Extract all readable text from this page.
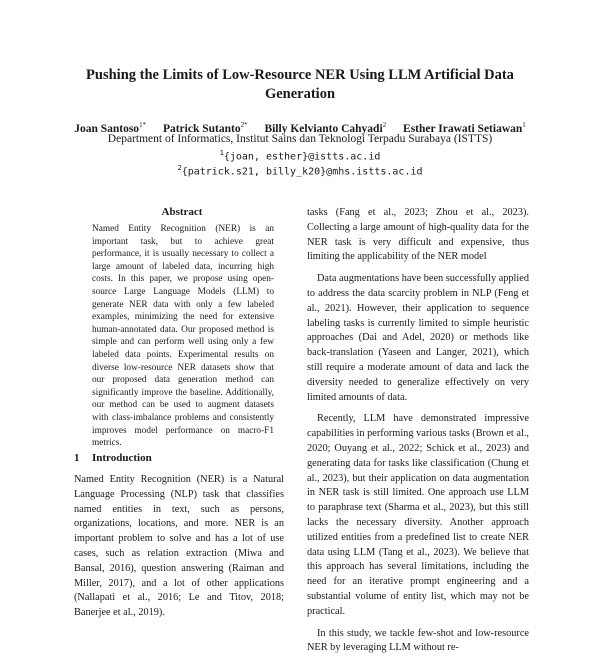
Pushing the Limits of Low-Resource NER Using LLM Artificial Data Generation
Joan Santoso$^{1*}$ Patrick Sutanto$^{2*}$ Billy Kelvianto Cahyadi$^2$ Esther Irawati Setiawan$^1$
Department of Informatics, Institut Sains dan Teknologi Terpadu Surabaya (ISTTS)
$^1${joan, esther}@istts.ac.id
$^2${patrick.s21, billy_k20}@mhs.istts.ac.id
Abstract
Named Entity Recognition (NER) is an important task, but to achieve great performance, it is usually necessary to collect a large amount of labeled data, incurring high costs. In this paper, we propose using open-source Large Language Models (LLM) to generate NER data with only a few labeled examples, minimizing the need for extensive human-annotated data. Our proposed method is simple and can perform well using only a few labeled data points. Experimental results on diverse low-resource NER datasets show that our proposed data generation method can significantly improve the baseline. Additionally, our method can be used to augment datasets with class-imbalance problems and consistently improves model performance on macro-F1 metrics.
1 Introduction
Named Entity Recognition (NER) is a Natural Language Processing (NLP) task that classifies named entities in text, such as persons, organizations, locations, and more. NER is an important problem to solve and has a lot of use cases, such as relation extraction (Miwa and Bansal, 2016), question answering (Raiman and Miller, 2017), and a lot of other applications (Nallapati et al., 2016; Le and Titov, 2018; Banerjee et al., 2019).

tasks (Fang et al., 2023; Zhou et al., 2023). Collecting a large amount of high-quality data for the NER task is very difficult and expensive, thus limiting the applicability of the NER model

Data augmentations have been successfully applied to address the data scarcity problem in NLP (Feng et al., 2021). However, their application to sequence labeling tasks is currently limited to simple heuristic approaches (Dai and Adel, 2020) or methods like back-translation (Yaseen and Langer, 2021), which still require a moderate amount of data and lack the diversity needed to generalize effectively on very limited amounts of data.

Recently, LLM have demonstrated impressive capabilities in performing various tasks (Brown et al., 2020; Ouyang et al., 2022; Schick et al., 2023) and generating data for tasks like classification (Chung et al., 2023), but their application on data augmentation in NER task is still limited. One approach use LLM to paraphrase text (Sharma et al., 2023), but this still lacks the necessary diversity. Another approach utilized entities from a predefined list to create NER data using LLM (Tang et al., 2023). We believe that this approach has several limitations, including the need for an iterative prompt engineering and a substantial volume of entity list, which may not be practical.

In this study, we tackle few-shot and low-resource NER by leveraging LLM without re-
